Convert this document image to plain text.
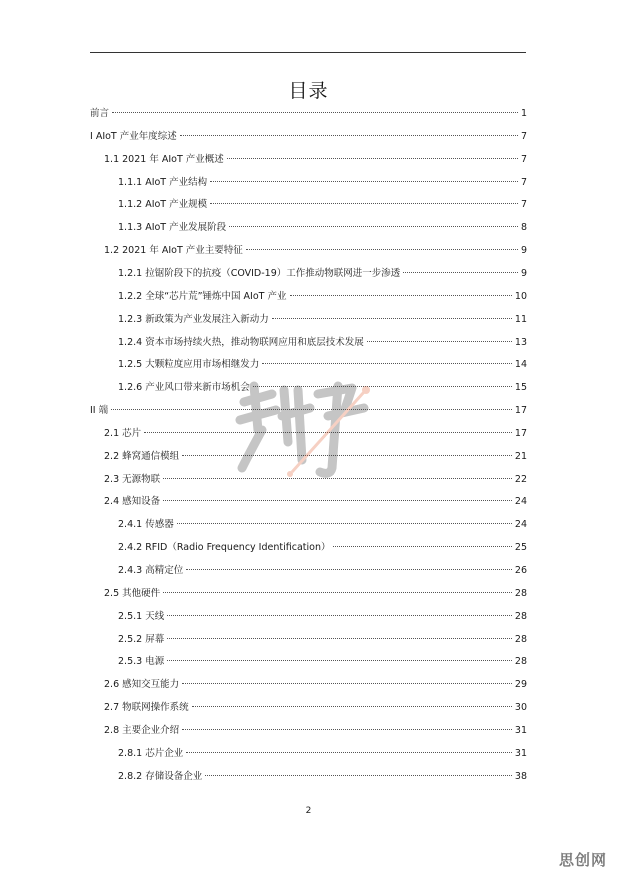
目录
前言	1
I AIoT 产业年度综述	7
1.1 2021 年 AIoT 产业概述	7
1.1.1 AIoT 产业结构	7
1.1.2 AIoT 产业规模	7
1.1.3 AIoT 产业发展阶段	8
1.2 2021 年 AIoT 产业主要特征	9
1.2.1 拉锯阶段下的抗疫（COVID-19）工作推动物联网进一步渗透	9
1.2.2 全球“芯片荒”锤炼中国 AIoT 产业	10
1.2.3 新政策为产业发展注入新动力	11
1.2.4 资本市场持续火热，推动物联网应用和底层技术发展	13
1.2.5 大颗粒度应用市场相继发力	14
1.2.6 产业风口带来新市场机会	15
II 端	17
2.1 芯片	17
2.2 蜂窝通信模组	21
2.3 无源物联	22
2.4 感知设备	24
2.4.1 传感器	24
2.4.2 RFID（Radio Frequency Identification）	25
2.4.3 高精定位	26
2.5 其他硬件	28
2.5.1 天线	28
2.5.2 屏幕	28
2.5.3 电源	28
2.6 感知交互能力	29
2.7 物联网操作系统	30
2.8 主要企业介绍	31
2.8.1 芯片企业	31
2.8.2 存储设备企业	38
2
思创网
